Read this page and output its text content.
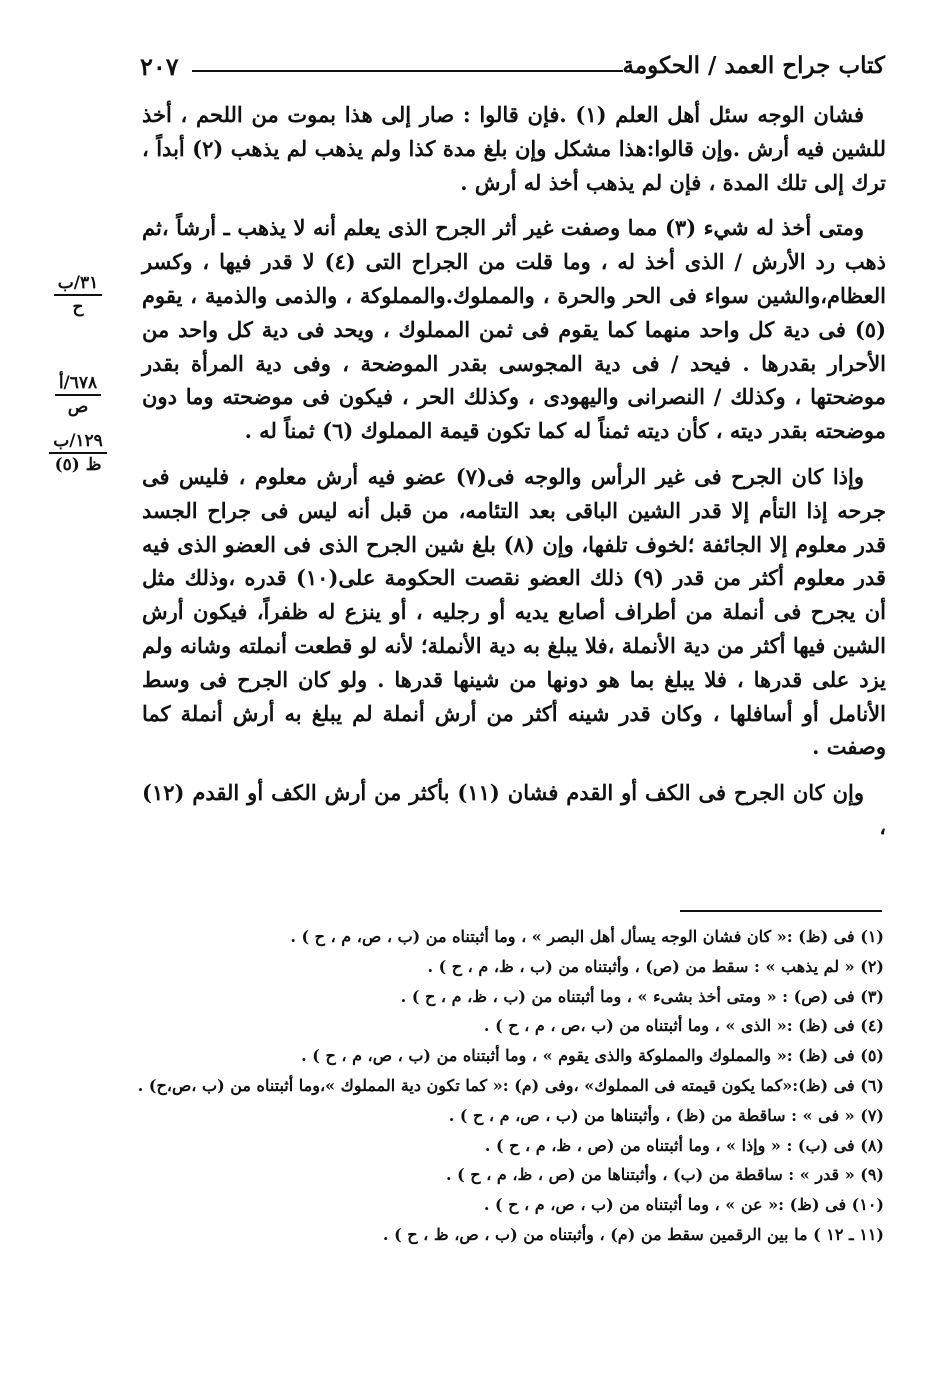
كتاب جراح العمد / الحكومة
٢٠٧
٣١/ب

ح
٦٧٨/أ

ص
١٢٩/ب

ظ (٥)

فشان الوجه سئل أهل العلم (١) .فإن قالوا : صار إلى هذا بموت من اللحم ، أخذ للشين فيه أرش .وإن قالوا:هذا مشكل وإن بلغ مدة كذا ولم يذهب لم يذهب (٢) أبداً ، ترك إلى تلك المدة ، فإن لم يذهب أخذ له أرش .

ومتى أخذ له شيء (٣) مما وصفت غير أثر الجرح الذى يعلم أنه لا يذهب ـ أرشاً ،ثم ذهب رد الأرش / الذى أخذ له ، وما قلت من الجراح التى (٤) لا قدر فيها ، وكسر العظام،والشين سواء فى الحر والحرة ، والمملوك.والمملوكة ، والذمى والذمية ، يقوم (٥) فى دية كل واحد منهما كما يقوم فى ثمن المملوك ، ويحد فى دية كل واحد من الأحرار بقدرها . فيحد / فى دية المجوسى بقدر الموضحة ، وفى دية المرأة بقدر موضحتها ، وكذلك / النصرانى واليهودى ، وكذلك الحر ، فيكون فى موضحته وما دون موضحته بقدر ديته ، كأن ديته ثمناً له كما تكون قيمة المملوك (٦) ثمناً له .

وإذا كان الجرح فى غير الرأس والوجه فى(٧) عضو فيه أرش معلوم ، فليس فى جرحه إذا التأم إلا قدر الشين الباقى بعد التئامه، من قبل أنه ليس فى جراح الجسد قدر معلوم إلا الجائفة ؛لخوف تلفها، وإن (٨) بلغ شين الجرح الذى فى العضو الذى فيه قدر معلوم أكثر من قدر (٩) ذلك العضو نقصت الحكومة على(١٠) قدره ،وذلك مثل أن يجرح فى أنملة من أطراف أصابع يديه أو رجليه ، أو ينزع له ظفراً، فيكون أرش الشين فيها أكثر من دية الأنملة ،فلا يبلغ به دية الأنملة؛ لأنه لو قطعت أنملته وشانه ولم يزد على قدرها ، فلا يبلغ بما هو دونها من شينها قدرها . ولو كان الجرح فى وسط الأنامل أو أسافلها ، وكان قدر شينه أكثر من أرش أنملة لم يبلغ به أرش أنملة كما وصفت .

وإن كان الجرح فى الكف أو القدم فشان (١١) بأكثر من أرش الكف أو القدم (١٢) ،

(١) فى (ظ) :« كان فشان الوجه يسأل أهل البصر » ، وما أثبتناه من (ب ، ص، م ، ح ) .
(٢) « لم يذهب » : سقط من (ص) ، وأثبتناه من (ب ، ظ، م ، ح ) .
(٣) فى (ص) : « ومتى أخذ بشىء » ، وما أثبتناه من (ب ، ظ، م ، ح ) .
(٤) فى (ظ) :« الذى » ، وما أثبتناه من (ب ،ص ، م ، ح ) .
(٥) فى (ظ) :« والمملوك والمملوكة والذى يقوم » ، وما أثبتناه من (ب ، ص، م ، ح ) .
(٦) فى (ظ):«كما يكون قيمته فى المملوك» ،وفى (م) :« كما تكون دية المملوك »،وما أثبتناه من (ب ،ص،ح) .
(٧) « فى » : ساقطة من (ظ) ، وأثبتناها من (ب ، ص، م ، ح ) .
(٨) فى (ب) : « وإذا » ، وما أثبتناه من (ص ، ظ، م ، ح ) .
(٩) « قدر » : ساقطة من (ب) ، وأثبتناها من (ص ، ظ، م ، ح ) .
(١٠) فى (ظ) :« عن » ، وما أثبتناه من (ب ، ص، م ، ح ) .
(١١ ـ ١٢ ) ما بين الرقمين سقط من (م) ، وأثبتناه من (ب ، ص، ظ ، ح ) .
